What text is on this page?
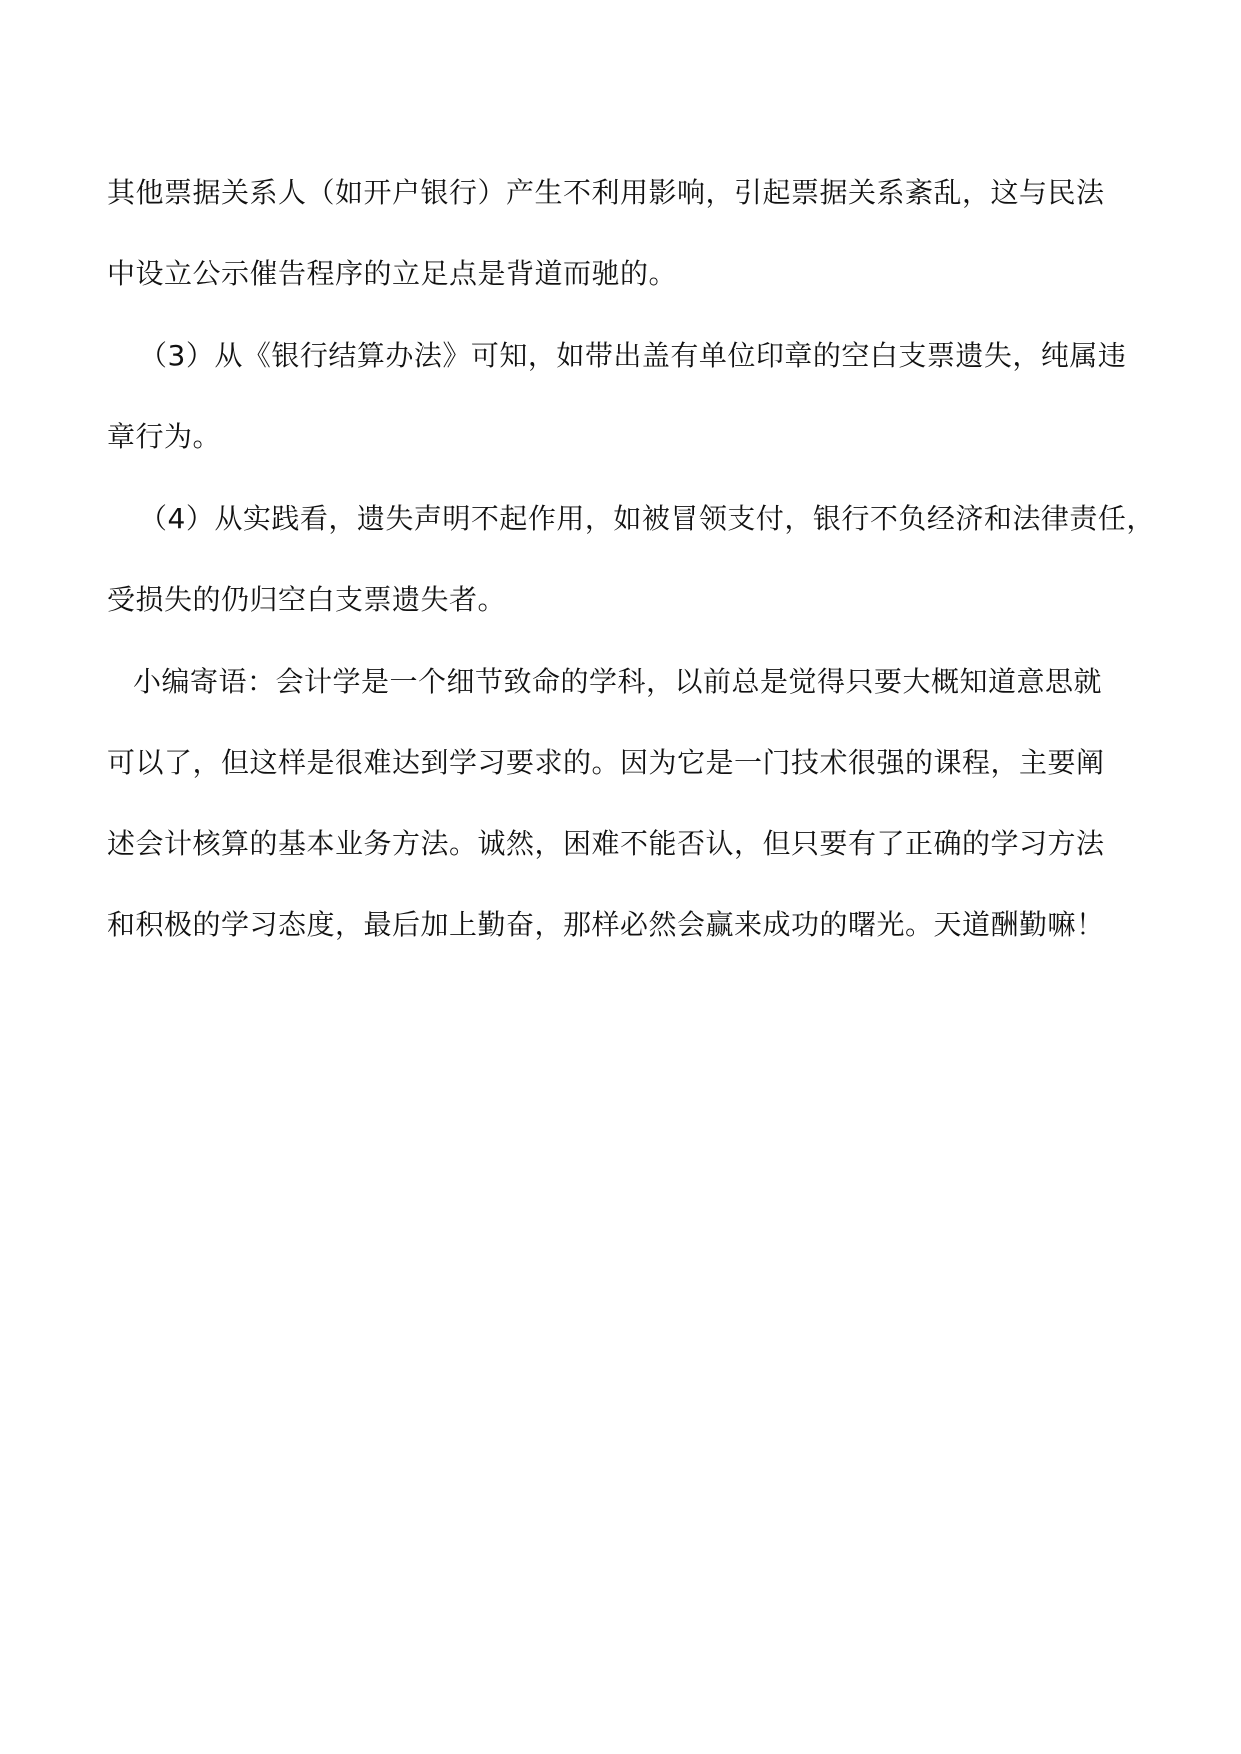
其他票据关系人（如开户银行）产生不利用影响，引起票据关系紊乱，这与民法
中设立公示催告程序的立足点是背道而驰的。

（3）从《银行结算办法》可知，如带出盖有单位印章的空白支票遗失，纯属违
章行为。

（4）从实践看，遗失声明不起作用，如被冒领支付，银行不负经济和法律责任，
受损失的仍归空白支票遗失者。

小编寄语：会计学是一个细节致命的学科，以前总是觉得只要大概知道意思就
可以了，但这样是很难达到学习要求的。因为它是一门技术很强的课程，主要阐
述会计核算的基本业务方法。诚然，困难不能否认，但只要有了正确的学习方法
和积极的学习态度，最后加上勤奋，那样必然会赢来成功的曙光。天道酬勤嘛！
